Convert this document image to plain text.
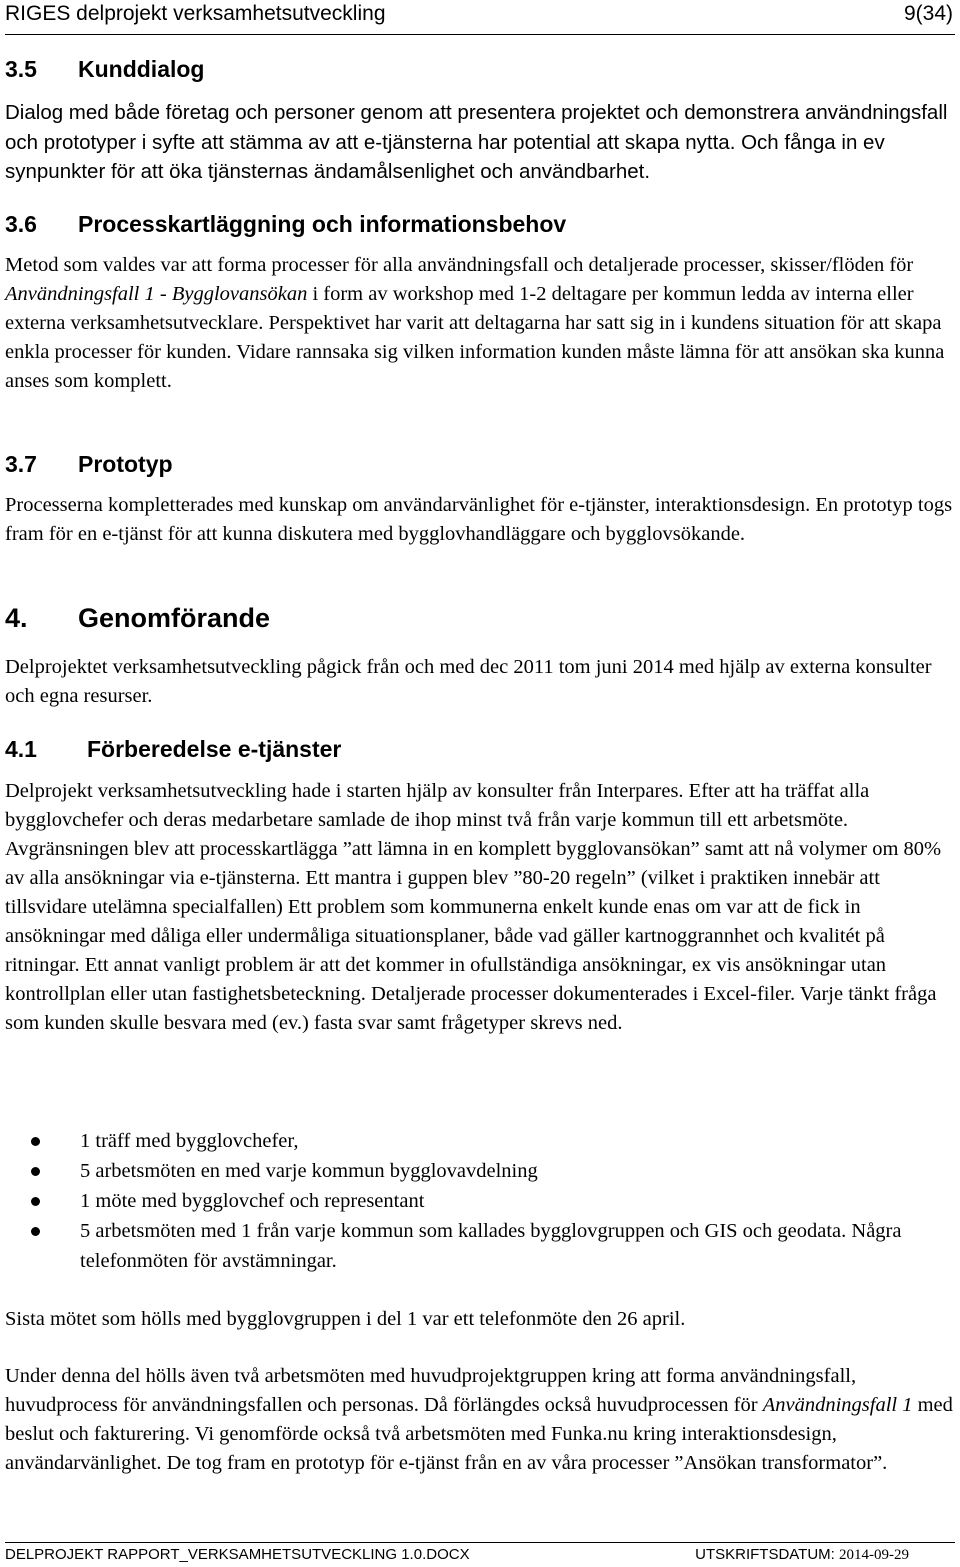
RIGES delprojekt verksamhetsutveckling	9(34)
3.5 Kunddialog

Dialog med både företag och personer genom att presentera projektet och demonstrera användningsfall och prototyper i syfte att stämma av att e-tjänsterna har potential att skapa nytta. Och fånga in ev synpunkter för att öka tjänsternas ändamålsenlighet och användbarhet.

3.6 Processkartläggning och informationsbehov

Metod som valdes var att forma processer för alla användningsfall och detaljerade processer, skisser/flöden för Användningsfall 1 - Bygglovansökan i form av workshop med 1-2 deltagare per kommun ledda av interna eller externa verksamhetsutvecklare. Perspektivet har varit att deltagarna har satt sig in i kundens situation för att skapa enkla processer för kunden. Vidare rannsaka sig vilken information kunden måste lämna för att ansökan ska kunna anses som komplett.

3.7 Prototyp

Processerna kompletterades med kunskap om användarvänlighet för e-tjänster, interaktionsdesign. En prototyp togs fram för en e-tjänst för att kunna diskutera med bygglovhandläggare och bygglovsökande.

4. Genomförande

Delprojektet verksamhetsutveckling pågick från och med dec 2011 tom juni 2014 med hjälp av externa konsulter och egna resurser.

4.1 Förberedelse e-tjänster

Delprojekt verksamhetsutveckling hade i starten hjälp av konsulter från Interpares. Efter att ha träffat alla bygglovchefer och deras medarbetare samlade de ihop minst två från varje kommun till ett arbetsmöte. Avgränsningen blev att processkartlägga ”att lämna in en komplett bygglovansökan” samt att nå volymer om 80% av alla ansökningar via e-tjänsterna. Ett mantra i guppen blev ”80-20 regeln” (vilket i praktiken innebär att tillsvidare utelämna specialfallen) Ett problem som kommunerna enkelt kunde enas om var att de fick in ansökningar med dåliga eller undermåliga situationsplaner, både vad gäller kartnoggrannhet och kvalitét på ritningar. Ett annat vanligt problem är att det kommer in ofullständiga ansökningar, ex vis ansökningar utan kontrollplan eller utan fastighetsbeteckning. Detaljerade processer dokumenterades i Excel-filer. Varje tänkt fråga som kunden skulle besvara med (ev.) fasta svar samt frågetyper skrevs ned.

1 träff med bygglovchefer,
5 arbetsmöten en med varje kommun bygglovavdelning
1 möte med bygglovchef och representant
5 arbetsmöten med 1 från varje kommun som kallades bygglovgruppen och GIS och geodata. Några telefonmöten för avstämningar.

Sista mötet som hölls med bygglovgruppen i del 1 var ett telefonmöte den 26 april.

Under denna del hölls även två arbetsmöten med huvudprojektgruppen kring att forma användningsfall, huvudprocess för användningsfallen och personas. Då förlängdes också huvudprocessen för Användningsfall 1 med beslut och fakturering. Vi genomförde också två arbetsmöten med Funka.nu kring interaktionsdesign, användarvänlighet. De tog fram en prototyp för e-tjänst från en av våra processer ”Ansökan transformator”.

DELPROJEKT RAPPORT_VERKSAMHETSUTVECKLING 1.0.DOCX	UTSKRIFTSDATUM: 2014-09-29
